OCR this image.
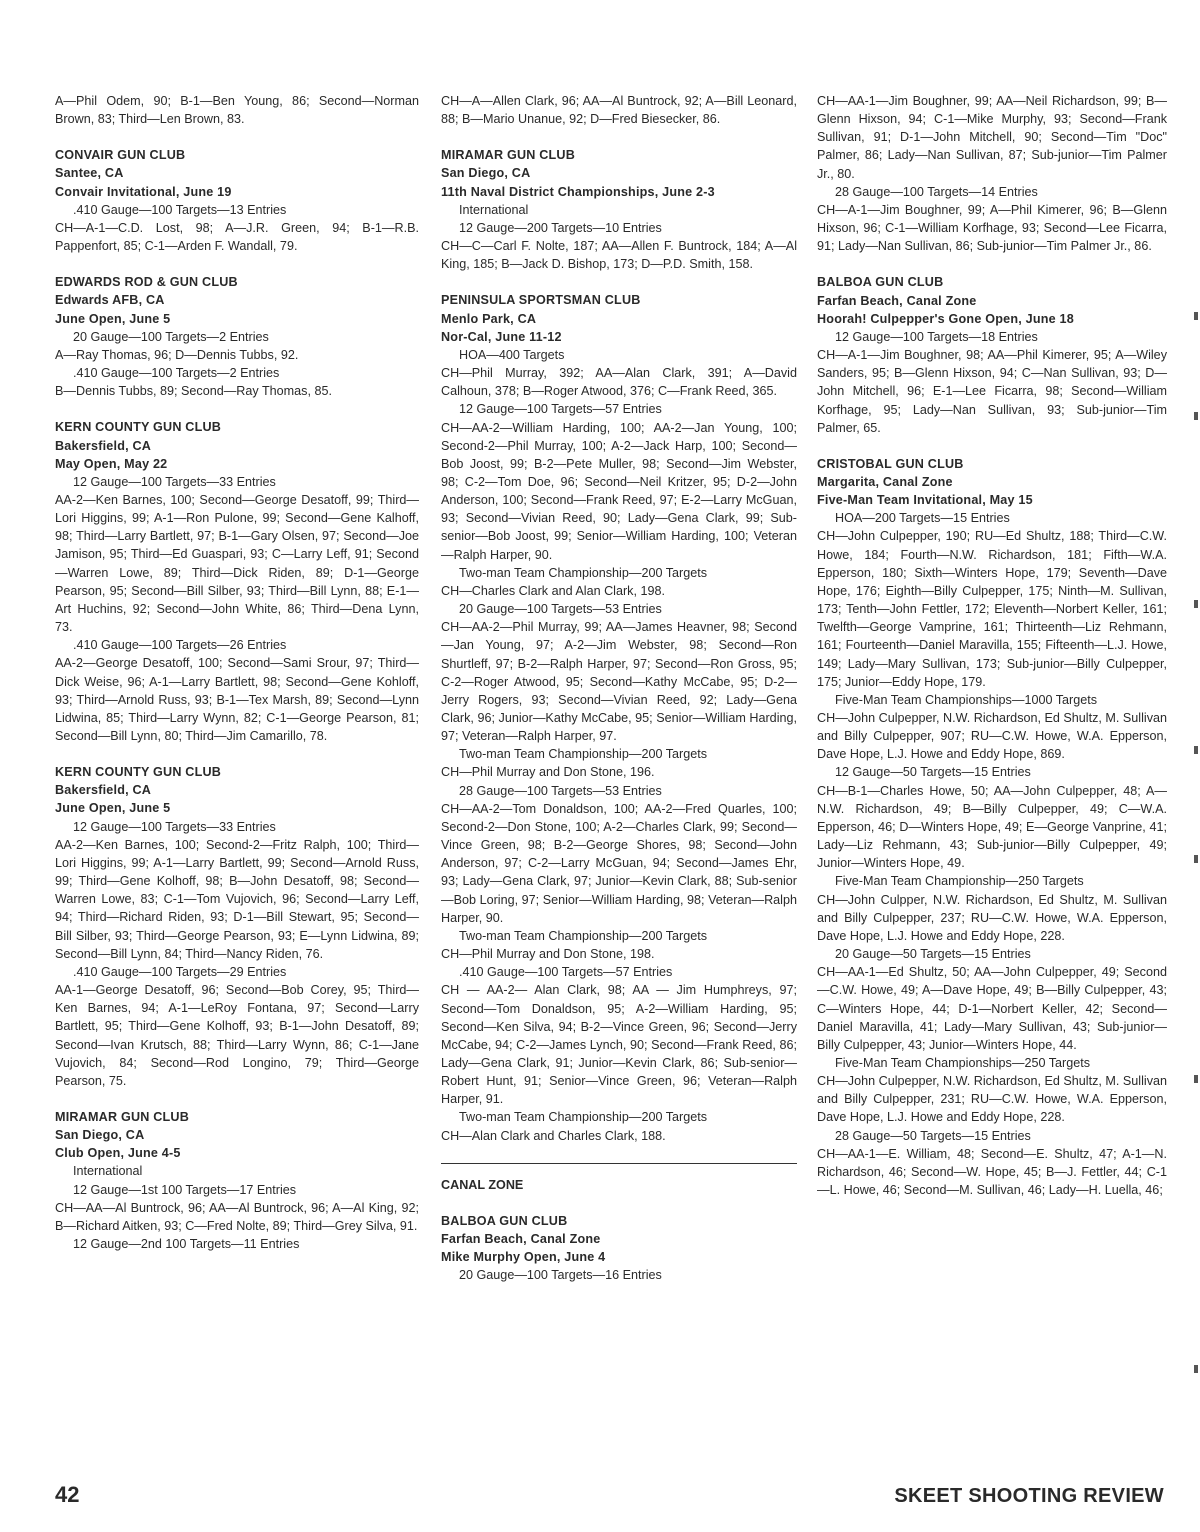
A—Phil Odem, 90; B-1—Ben Young, 86; Second—Norman Brown, 83; Third—Len Brown, 83.
CONVAIR GUN CLUB
Santee, CA
Convair Invitational, June 19
.410 Gauge—100 Targets—13 Entries
CH—A-1—C.D. Lost, 98; A—J.R. Green, 94; B-1—R.B. Pappenfort, 85; C-1—Arden F. Wandall, 79.
EDWARDS ROD & GUN CLUB
Edwards AFB, CA
June Open, June 5
20 Gauge—100 Targets—2 Entries
A—Ray Thomas, 96; D—Dennis Tubbs, 92.
.410 Gauge—100 Targets—2 Entries
B—Dennis Tubbs, 89; Second—Ray Thomas, 85.
KERN COUNTY GUN CLUB
Bakersfield, CA
May Open, May 22
12 Gauge—100 Targets—33 Entries
AA-2—Ken Barnes, 100; Second—George Desatoff, 99; Third—Lori Higgins, 99; A-1—Ron Pulone, 99; Second—Gene Kalhoff, 98; Third—Larry Bartlett, 97; B-1—Gary Olsen, 97; Second—Joe Jamison, 95; Third—Ed Guaspari, 93; C—Larry Leff, 91; Second—Warren Lowe, 89; Third—Dick Riden, 89; D-1—George Pearson, 95; Second—Bill Silber, 93; Third—Bill Lynn, 88; E-1—Art Huchins, 92; Second—John White, 86; Third—Dena Lynn, 73.
.410 Gauge—100 Targets—26 Entries
AA-2—George Desatoff, 100; Second—Sami Srour, 97; Third—Dick Weise, 96; A-1—Larry Bartlett, 98; Second—Gene Kohloff, 93; Third—Arnold Russ, 93; B-1—Tex Marsh, 89; Second—Lynn Lidwina, 85; Third—Larry Wynn, 82; C-1—George Pearson, 81; Second—Bill Lynn, 80; Third—Jim Camarillo, 78.
KERN COUNTY GUN CLUB
Bakersfield, CA
June Open, June 5
12 Gauge—100 Targets—33 Entries
AA-2—Ken Barnes, 100; Second-2—Fritz Ralph, 100; Third—Lori Higgins, 99; A-1—Larry Bartlett, 99; Second—Arnold Russ, 99; Third—Gene Kolhoff, 98; B—John Desatoff, 98; Second—Warren Lowe, 83; C-1—Tom Vujovich, 96; Second—Larry Leff, 94; Third—Richard Riden, 93; D-1—Bill Stewart, 95; Second—Bill Silber, 93; Third—George Pearson, 93; E—Lynn Lidwina, 89; Second—Bill Lynn, 84; Third—Nancy Riden, 76.
.410 Gauge—100 Targets—29 Entries
AA-1—George Desatoff, 96; Second—Bob Corey, 95; Third—Ken Barnes, 94; A-1—LeRoy Fontana, 97; Second—Larry Bartlett, 95; Third—Gene Kolhoff, 93; B-1—John Desatoff, 89; Second—Ivan Krutsch, 88; Third—Larry Wynn, 86; C-1—Jane Vujovich, 84; Second—Rod Longino, 79; Third—George Pearson, 75.
MIRAMAR GUN CLUB
San Diego, CA
Club Open, June 4-5
International
12 Gauge—1st 100 Targets—17 Entries
CH—AA—Al Buntrock, 96; AA—Al Buntrock, 96; A—Al King, 92; B—Richard Aitken, 93; C—Fred Nolte, 89; Third—Grey Silva, 91.
12 Gauge—2nd 100 Targets—11 Entries
CH—A—Allen Clark, 96; AA—Al Buntrock, 92; A—Bill Leonard, 88; B—Mario Unanue, 92; D—Fred Biesecker, 86.
MIRAMAR GUN CLUB
San Diego, CA
11th Naval District Championships, June 2-3
International
12 Gauge—200 Targets—10 Entries
CH—C—Carl F. Nolte, 187; AA—Allen F. Buntrock, 184; A—Al King, 185; B—Jack D. Bishop, 173; D—P.D. Smith, 158.
PENINSULA SPORTSMAN CLUB
Menlo Park, CA
Nor-Cal, June 11-12
HOA—400 Targets
CH—Phil Murray, 392; AA—Alan Clark, 391; A—David Calhoun, 378; B—Roger Atwood, 376; C—Frank Reed, 365.
12 Gauge—100 Targets—57 Entries
CH—AA-2—William Harding, 100; AA-2—Jan Young, 100; Second-2—Phil Murray, 100; A-2—Jack Harp, 100; Second—Bob Joost, 99; B-2—Pete Muller, 98; Second—Jim Webster, 98; C-2—Tom Doe, 96; Second—Neil Kritzer, 95; D-2—John Anderson, 100; Second—Frank Reed, 97; E-2—Larry McGuan, 93; Second—Vivian Reed, 90; Lady—Gena Clark, 99; Sub-senior—Bob Joost, 99; Senior—William Harding, 100; Veteran—Ralph Harper, 90.
Two-man Team Championship—200 Targets
CH—Charles Clark and Alan Clark, 198.
20 Gauge—100 Targets—53 Entries
CH—AA-2—Phil Murray, 99; AA—James Heavner, 98; Second—Jan Young, 97; A-2—Jim Webster, 98; Second—Ron Shurtleff, 97; B-2—Ralph Harper, 97; Second—Ron Gross, 95; C-2—Roger Atwood, 95; Second—Kathy McCabe, 95; D-2—Jerry Rogers, 93; Second—Vivian Reed, 92; Lady—Gena Clark, 96; Junior—Kathy McCabe, 95; Senior—William Harding, 97; Veteran—Ralph Harper, 97.
Two-man Team Championship—200 Targets
CH—Phil Murray and Don Stone, 196.
28 Gauge—100 Targets—53 Entries
CH—AA-2—Tom Donaldson, 100; AA-2—Fred Quarles, 100; Second-2—Don Stone, 100; A-2—Charles Clark, 99; Second—Vince Green, 98; B-2—George Shores, 98; Second—John Anderson, 97; C-2—Larry McGuan, 94; Second—James Ehr, 93; Lady—Gena Clark, 97; Junior—Kevin Clark, 88; Sub-senior—Bob Loring, 97; Senior—William Harding, 98; Veteran—Ralph Harper, 90.
Two-man Team Championship—200 Targets
CH—Phil Murray and Don Stone, 198.
.410 Gauge—100 Targets—57 Entries
CH — AA-2— Alan Clark, 98; AA — Jim Humphreys, 97; Second—Tom Donaldson, 95; A-2—William Harding, 95; Second—Ken Silva, 94; B-2—Vince Green, 96; Second—Jerry McCabe, 94; C-2—James Lynch, 90; Second—Frank Reed, 86; Lady—Gena Clark, 91; Junior—Kevin Clark, 86; Sub-senior—Robert Hunt, 91; Senior—Vince Green, 96; Veteran—Ralph Harper, 91.
Two-man Team Championship—200 Targets
CH—Alan Clark and Charles Clark, 188.
CANAL ZONE
BALBOA GUN CLUB
Farfan Beach, Canal Zone
Mike Murphy Open, June 4
20 Gauge—100 Targets—16 Entries
CH—AA-1—Jim Boughner, 99; AA—Neil Richardson, 99; B—Glenn Hixson, 94; C-1—Mike Murphy, 93; Second—Frank Sullivan, 91; D-1—John Mitchell, 90; Second—Tim "Doc" Palmer, 86; Lady—Nan Sullivan, 87; Sub-junior—Tim Palmer Jr., 80.
28 Gauge—100 Targets—14 Entries
CH—A-1—Jim Boughner, 99; A—Phil Kimerer, 96; B—Glenn Hixson, 96; C-1—William Korfhage, 93; Second—Lee Ficarra, 91; Lady—Nan Sullivan, 86; Sub-junior—Tim Palmer Jr., 86.
BALBOA GUN CLUB
Farfan Beach, Canal Zone
Hoorah! Culpepper's Gone Open, June 18
12 Gauge—100 Targets—18 Entries
CH—A-1—Jim Boughner, 98; AA—Phil Kimerer, 95; A—Wiley Sanders, 95; B—Glenn Hixson, 94; C—Nan Sullivan, 93; D—John Mitchell, 96; E-1—Lee Ficarra, 98; Second—William Korfhage, 95; Lady—Nan Sullivan, 93; Sub-junior—Tim Palmer, 65.
CRISTOBAL GUN CLUB
Margarita, Canal Zone
Five-Man Team Invitational, May 15
HOA—200 Targets—15 Entries
CH—John Culpepper, 190; RU—Ed Shultz, 188; Third—C.W. Howe, 184; Fourth—N.W. Richardson, 181; Fifth—W.A. Epperson, 180; Sixth—Winters Hope, 179; Seventh—Dave Hope, 176; Eighth—Billy Culpepper, 175; Ninth—M. Sullivan, 173; Tenth—John Fettler, 172; Eleventh—Norbert Keller, 161; Twelfth—George Vamprine, 161; Thirteenth—Liz Rehmann, 161; Fourteenth—Daniel Maravilla, 155; Fifteenth—L.J. Howe, 149; Lady—Mary Sullivan, 173; Sub-junior—Billy Culpepper, 175; Junior—Eddy Hope, 179.
Five-Man Team Championships—1000 Targets
CH—John Culpepper, N.W. Richardson, Ed Shultz, M. Sullivan and Billy Culpepper, 907; RU—C.W. Howe, W.A. Epperson, Dave Hope, L.J. Howe and Eddy Hope, 869.
12 Gauge—50 Targets—15 Entries
CH—B-1—Charles Howe, 50; AA—John Culpepper, 48; A—N.W. Richardson, 49; B—Billy Culpepper, 49; C—W.A. Epperson, 46; D—Winters Hope, 49; E—George Vanprine, 41; Lady—Liz Rehmann, 43; Sub-junior—Billy Culpepper, 49; Junior—Winters Hope, 49.
Five-Man Team Championship—250 Targets
CH—John Culpper, N.W. Richardson, Ed Shultz, M. Sullivan and Billy Culpepper, 237; RU—C.W. Howe, W.A. Epperson, Dave Hope, L.J. Howe and Eddy Hope, 228.
20 Gauge—50 Targets—15 Entries
CH—AA-1—Ed Shultz, 50; AA—John Culpepper, 49; Second—C.W. Howe, 49; A—Dave Hope, 49; B—Billy Culpepper, 43; C—Winters Hope, 44; D-1—Norbert Keller, 42; Second—Daniel Maravilla, 41; Lady—Mary Sullivan, 43; Sub-junior—Billy Culpepper, 43; Junior—Winters Hope, 44.
Five-Man Team Championships—250 Targets
CH—John Culpepper, N.W. Richardson, Ed Shultz, M. Sullivan and Billy Culpepper, 231; RU—C.W. Howe, W.A. Epperson, Dave Hope, L.J. Howe and Eddy Hope, 228.
28 Gauge—50 Targets—15 Entries
CH—AA-1—E. William, 48; Second—E. Shultz, 47; A-1—N. Richardson, 46; Second—W. Hope, 45; B—J. Fettler, 44; C-1—L. Howe, 46; Second—M. Sullivan, 46; Lady—H. Luella, 46;
42	SKEET SHOOTING REVIEW
